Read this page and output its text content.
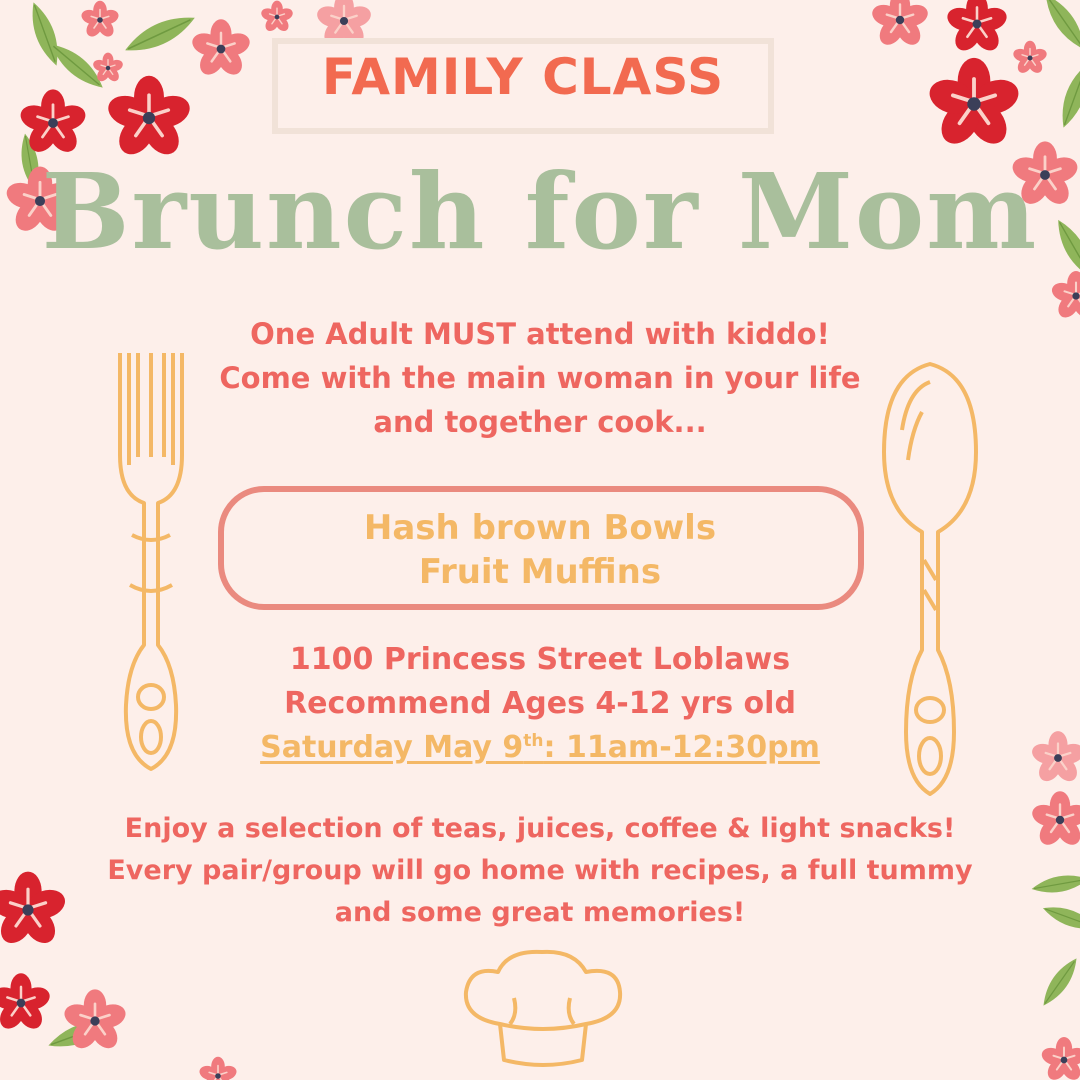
FAMILY CLASS
Brunch for Mom
One Adult MUST attend with kiddo!
Come with the main woman in your life
and together cook...
Hash brown Bowls
Fruit Muffins
1100 Princess Street Loblaws
Recommend Ages 4-12 yrs old
Saturday May 9th: 11am-12:30pm
Enjoy a selection of teas, juices, coffee & light snacks!
Every pair/group will go home with recipes, a full tummy
and some great memories!
